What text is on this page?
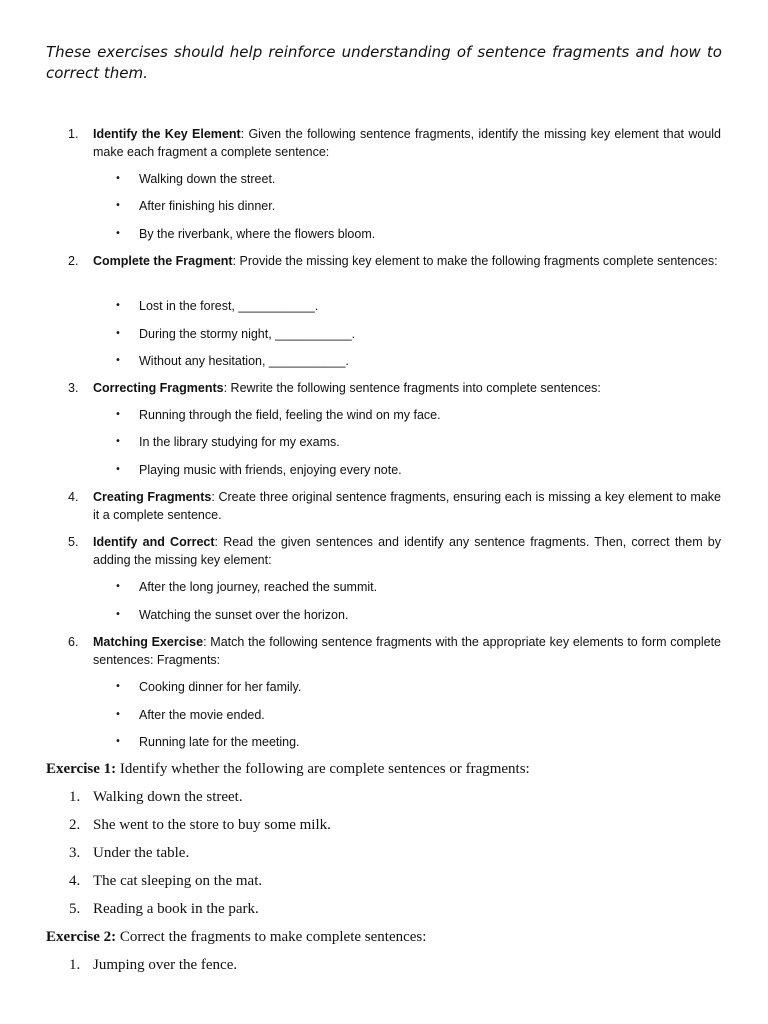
These exercises should help reinforce understanding of sentence fragments and how to correct them.
1. Identify the Key Element: Given the following sentence fragments, identify the missing key element that would make each fragment a complete sentence:
• Walking down the street.
• After finishing his dinner.
• By the riverbank, where the flowers bloom.
2. Complete the Fragment: Provide the missing key element to make the following fragments complete sentences:
• Lost in the forest, ___________.
• During the stormy night, ___________.
• Without any hesitation, ___________.
3. Correcting Fragments: Rewrite the following sentence fragments into complete sentences:
• Running through the field, feeling the wind on my face.
• In the library studying for my exams.
• Playing music with friends, enjoying every note.
4. Creating Fragments: Create three original sentence fragments, ensuring each is missing a key element to make it a complete sentence.
5. Identify and Correct: Read the given sentences and identify any sentence fragments. Then, correct them by adding the missing key element:
• After the long journey, reached the summit.
• Watching the sunset over the horizon.
6. Matching Exercise: Match the following sentence fragments with the appropriate key elements to form complete sentences: Fragments:
• Cooking dinner for her family.
• After the movie ended.
• Running late for the meeting.
Exercise 1: Identify whether the following are complete sentences or fragments:
1. Walking down the street.
2. She went to the store to buy some milk.
3. Under the table.
4. The cat sleeping on the mat.
5. Reading a book in the park.
Exercise 2: Correct the fragments to make complete sentences:
1. Jumping over the fence.
